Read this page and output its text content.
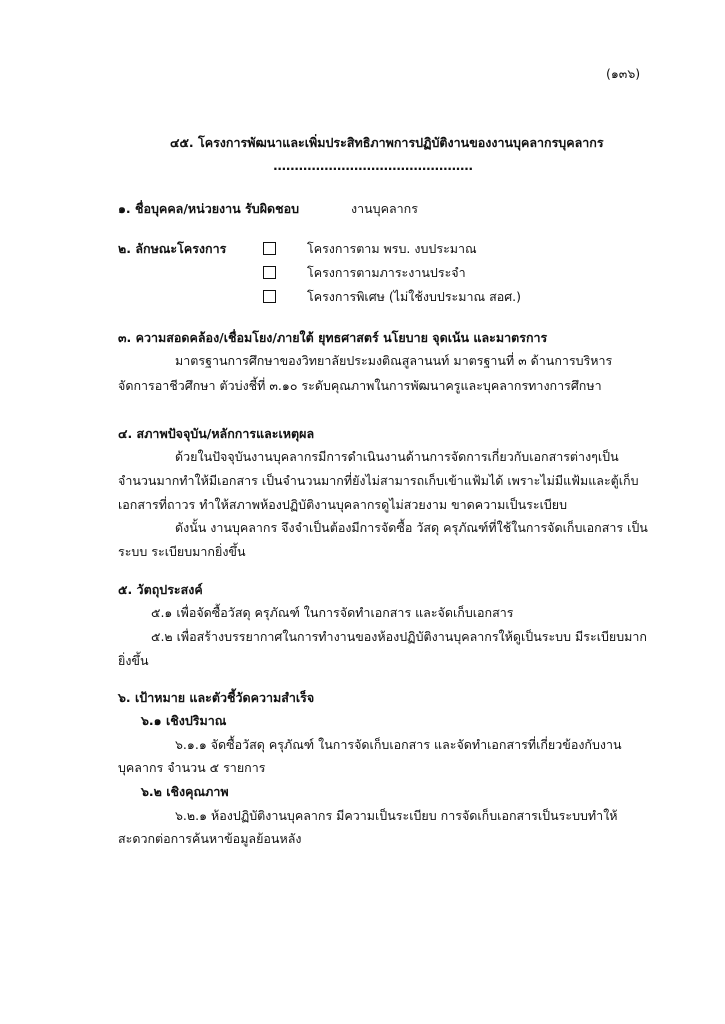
(๑๓๖)
๔๕. โครงการพัฒนาและเพิ่มประสิทธิภาพการปฏิบัติงานของงานบุคลากรบุคลากร
...............................................
๑. ชื่อบุคคล/หน่วยงาน รับผิดชอบ	งานบุคลากร
๒. ลักษณะโครงการ	โครงการตาม พรบ. งบประมาณ
โครงการตามภาระงานประจำ
โครงการพิเศษ (ไม่ใช้งบประมาณ สอศ.)
๓. ความสอดคล้อง/เชื่อมโยง/ภายใต้ ยุทธศาสตร์ นโยบาย จุดเน้น และมาตรการ
มาตรฐานการศึกษาของวิทยาลัยประมงติณสูลานนท์ มาตรฐานที่ ๓ ด้านการบริหาร
จัดการอาชีวศึกษา ตัวบ่งชี้ที่ ๓.๑๐ ระดับคุณภาพในการพัฒนาครูและบุคลากรทางการศึกษา
๔. สภาพปัจจุบัน/หลักการและเหตุผล
ด้วยในปัจจุบันงานบุคลากรมีการดำเนินงานด้านการจัดการเกี่ยวกับเอกสารต่างๆเป็น
จำนวนมากทำให้มีเอกสาร เป็นจำนวนมากที่ยังไม่สามารถเก็บเข้าแฟ้มได้ เพราะไม่มีแฟ้มและตู้เก็บ
เอกสารที่ถาวร ทำให้สภาพห้องปฏิบัติงานบุคลากรดูไม่สวยงาม ขาดความเป็นระเบียบ
ดังนั้น งานบุคลากร จึงจำเป็นต้องมีการจัดซื้อ วัสดุ ครุภัณฑ์ที่ใช้ในการจัดเก็บเอกสาร เป็น
ระบบ ระเบียบมากยิ่งขึ้น
๕. วัตถุประสงค์
๕.๑ เพื่อจัดซื้อวัสดุ ครุภัณฑ์ ในการจัดทำเอกสาร และจัดเก็บเอกสาร
๕.๒ เพื่อสร้างบรรยากาศในการทำงานของห้องปฏิบัติงานบุคลากรให้ดูเป็นระบบ มีระเบียบมาก
ยิ่งขึ้น
๖. เป้าหมาย และตัวชี้วัดความสำเร็จ
๖.๑ เชิงปริมาณ
๖.๑.๑ จัดซื้อวัสดุ ครุภัณฑ์ ในการจัดเก็บเอกสาร และจัดทำเอกสารที่เกี่ยวข้องกับงาน
บุคลากร จำนวน ๕ รายการ
๖.๒ เชิงคุณภาพ
๖.๒.๑ ห้องปฏิบัติงานบุคลากร มีความเป็นระเบียบ การจัดเก็บเอกสารเป็นระบบทำให้
สะดวกต่อการค้นหาข้อมูลย้อนหลัง
